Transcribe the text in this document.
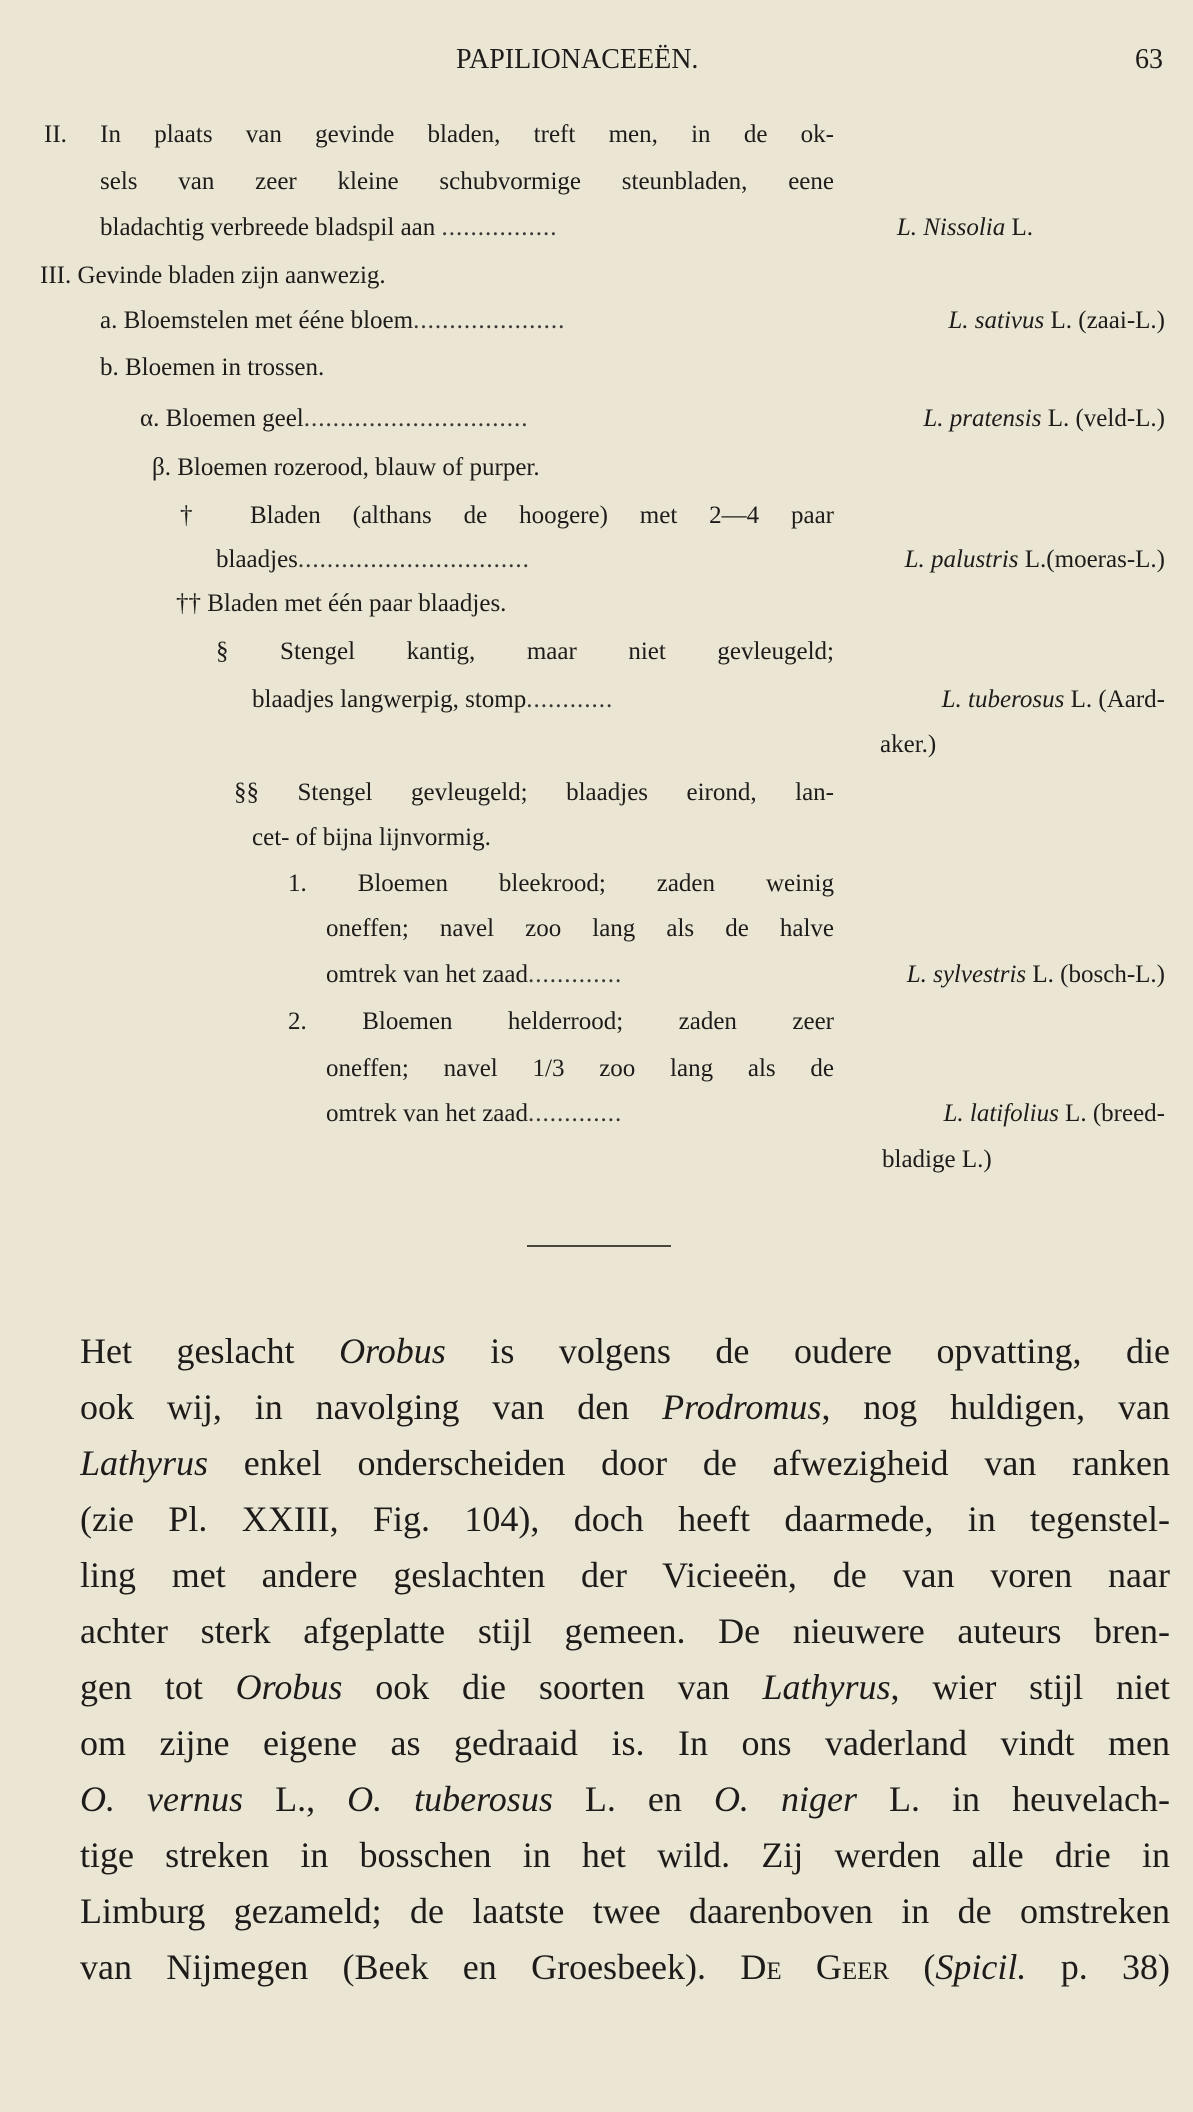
PAPILIONACEEËN.	63
II. In plaats van gevinde bladen, treft men, in de ok-
sels van zeer kleine schubvormige steunbladen, eene
bladachtig verbreede bladspil aan ................	L. Nissolia L.
III. Gevinde bladen zijn aanwezig.
a. Bloemstelen met ééne bloem.....................	L. sativus L. (zaai-L.)
b. Bloemen in trossen.
α. Bloemen geel...............................	L. pratensis L. (veld-L.)
β. Bloemen rozerood, blauw of purper.
† Bladen (althans de hoogere) met 2—4 paar
blaadjes................................	L. palustris L.(moeras-L.)
†† Bladen met één paar blaadjes.
§ Stengel kantig, maar niet gevleugeld;
blaadjes langwerpig, stomp............	L. tuberosus L. (Aard-
aker.)
§§ Stengel gevleugeld; blaadjes eirond, lan-
cet- of bijna lijnvormig.
1. Bloemen bleekrood; zaden weinig
oneffen; navel zoo lang als de halve
omtrek van het zaad.............	L. sylvestris L. (bosch-L.)
2. Bloemen helderrood; zaden zeer
oneffen; navel 1/3 zoo lang als de
omtrek van het zaad.............	L. latifolius L. (breed-
bladige L.)
Het geslacht Orobus is volgens de oudere opvatting, die
ook wij, in navolging van den Prodromus, nog huldigen, van
Lathyrus enkel onderscheiden door de afwezigheid van ranken
(zie Pl. XXIII, Fig. 104), doch heeft daarmede, in tegenstel-
ling met andere geslachten der Vicieeën, de van voren naar
achter sterk afgeplatte stijl gemeen. De nieuwere auteurs bren-
gen tot Orobus ook die soorten van Lathyrus, wier stijl niet
om zijne eigene as gedraaid is. In ons vaderland vindt men
O. vernus L., O. tuberosus L. en O. niger L. in heuvelach-
tige streken in bosschen in het wild. Zij werden alle drie in
Limburg gezameld; de laatste twee daarenboven in de omstreken
van Nijmegen (Beek en Groesbeek). De Geer (Spicil. p. 38)
